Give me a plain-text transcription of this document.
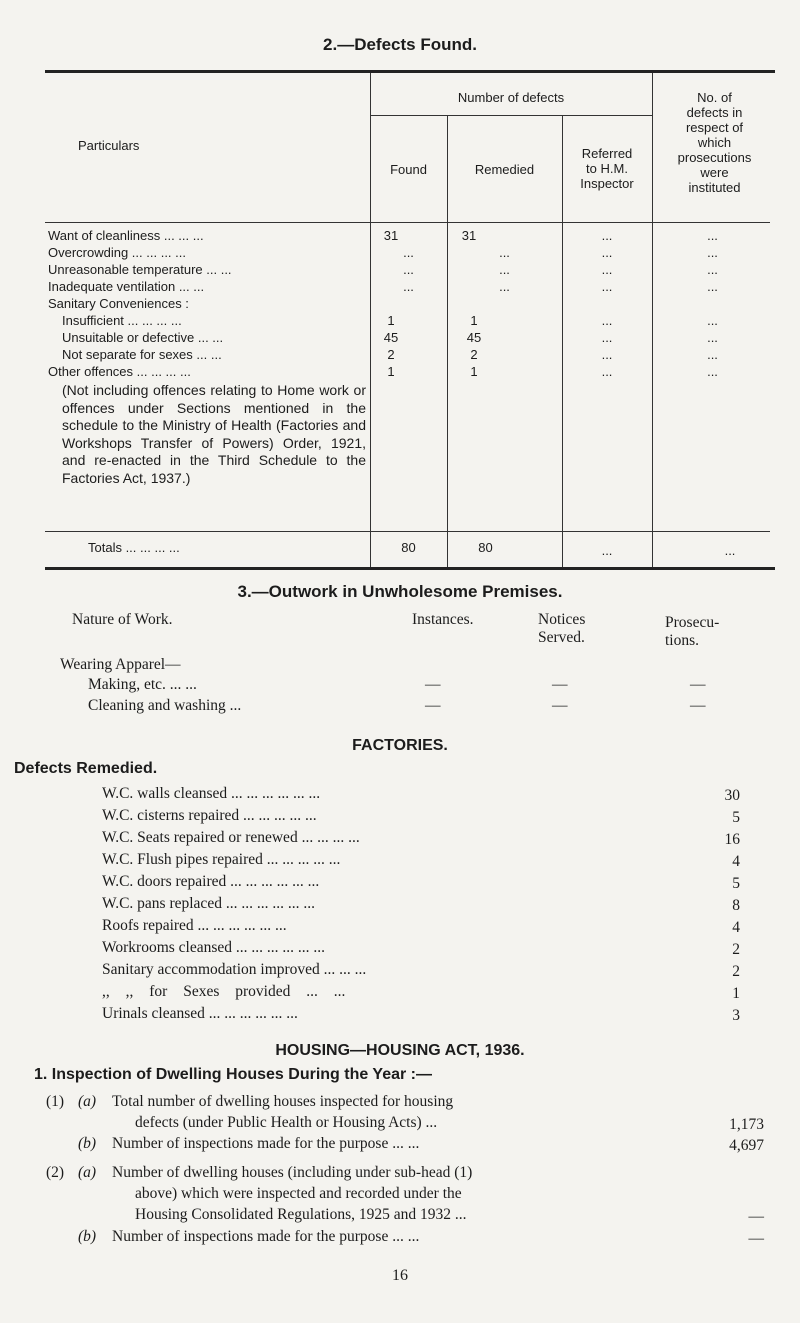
2.—Defects Found.
Particulars
Number of defects
Found	Remedied
Referred
to H.M.
Inspector
No. of
defects in
respect of
which
prosecutions
were
instituted
Want of cleanliness ... ... ...	31	31	...	...
Overcrowding ... ... ... ...	...	...	...	...
Unreasonable temperature ... ...	...	...	...	...
Inadequate ventilation ... ...	...	...	...	...
Sanitary Conveniences :
Insufficient ... ... ... ...	1	1	...	...
Unsuitable or defective ... ...	45	45	...	...
Not separate for sexes ... ...	2	2	...	...
Other offences ... ... ... ...	1	1	...	...
(Not including offences relating to Home work or offences under Sections mentioned in the schedule to the Ministry of Health (Factories and Workshops Transfer of Powers) Order, 1921, and re-enacted in the Third Schedule to the Factories Act, 1937.)
Totals ... ... ... ...	80	80	...	...
3.—Outwork in Unwholesome Premises.
Nature of Work.	Instances.	Notices
Served.
Prosecu-
tions.
Wearing Apparel—
Making, etc. ... ...	—	—	—
Cleaning and washing ...	—	—	—
FACTORIES.
Defects Remedied.
W.C. walls cleansed ... ... ... ... ... ...	30
W.C. cisterns repaired ... ... ... ... ...	5
W.C. Seats repaired or renewed ... ... ... ...	16
W.C. Flush pipes repaired ... ... ... ... ...	4
W.C. doors repaired ... ... ... ... ... ...	5
W.C. pans replaced ... ... ... ... ... ...	8
Roofs repaired ... ... ... ... ... ...	4
Workrooms cleansed ... ... ... ... ... ...	2
Sanitary accommodation improved ... ... ...	2
,, ,, for Sexes provided ... ...	1
Urinals cleansed ... ... ... ... ... ...	3
HOUSING—HOUSING ACT, 1936.
1. Inspection of Dwelling Houses During the Year :—
(1) (a) Total number of dwelling houses inspected for housing
defects (under Public Health or Housing Acts) ...	1,173
(b) Number of inspections made for the purpose ... ...	4,697
(2) (a) Number of dwelling houses (including under sub-head (1)
above) which were inspected and recorded under the
Housing Consolidated Regulations, 1925 and 1932 ...	—
(b) Number of inspections made for the purpose ... ...	—
16
